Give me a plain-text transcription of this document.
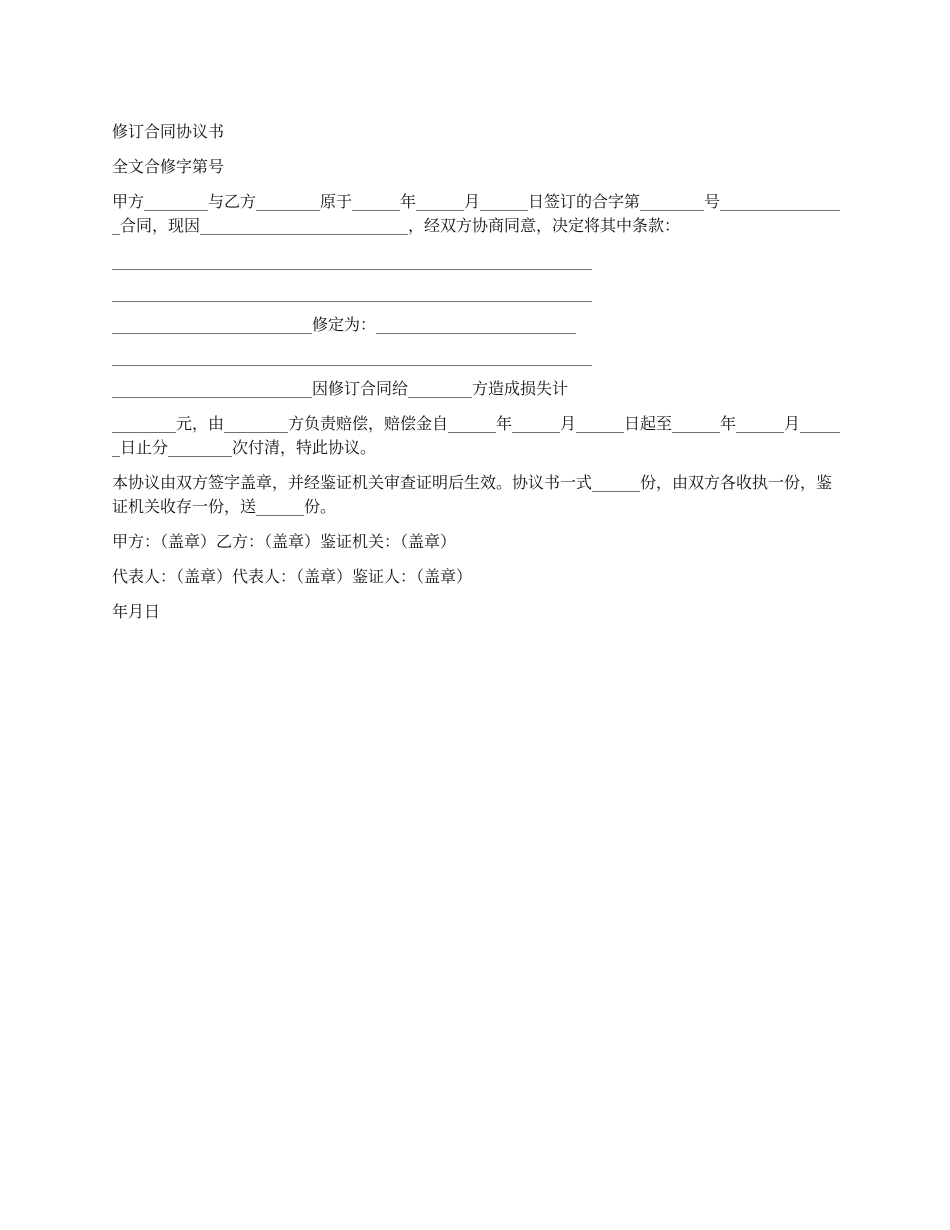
修订合同协议书

全文合修字第号

甲方________与乙方________原于______年______月______日签订的合字第________号________________合同，现因__________________________，经双方协商同意，决定将其中条款：

____________________________________________________________

____________________________________________________________

_________________________修定为：_________________________

____________________________________________________________

_________________________因修订合同给________方造成损失计

________元，由________方负责赔偿，赔偿金自______年______月______日起至______年______月______日止分________次付清，特此协议。

本协议由双方签字盖章，并经鉴证机关审查证明后生效。协议书一式______份，由双方各收执一份，鉴证机关收存一份，送______份。

甲方：（盖章）乙方：（盖章）鉴证机关：（盖章）

代表人：（盖章）代表人：（盖章）鉴证人：（盖章）

年月日
